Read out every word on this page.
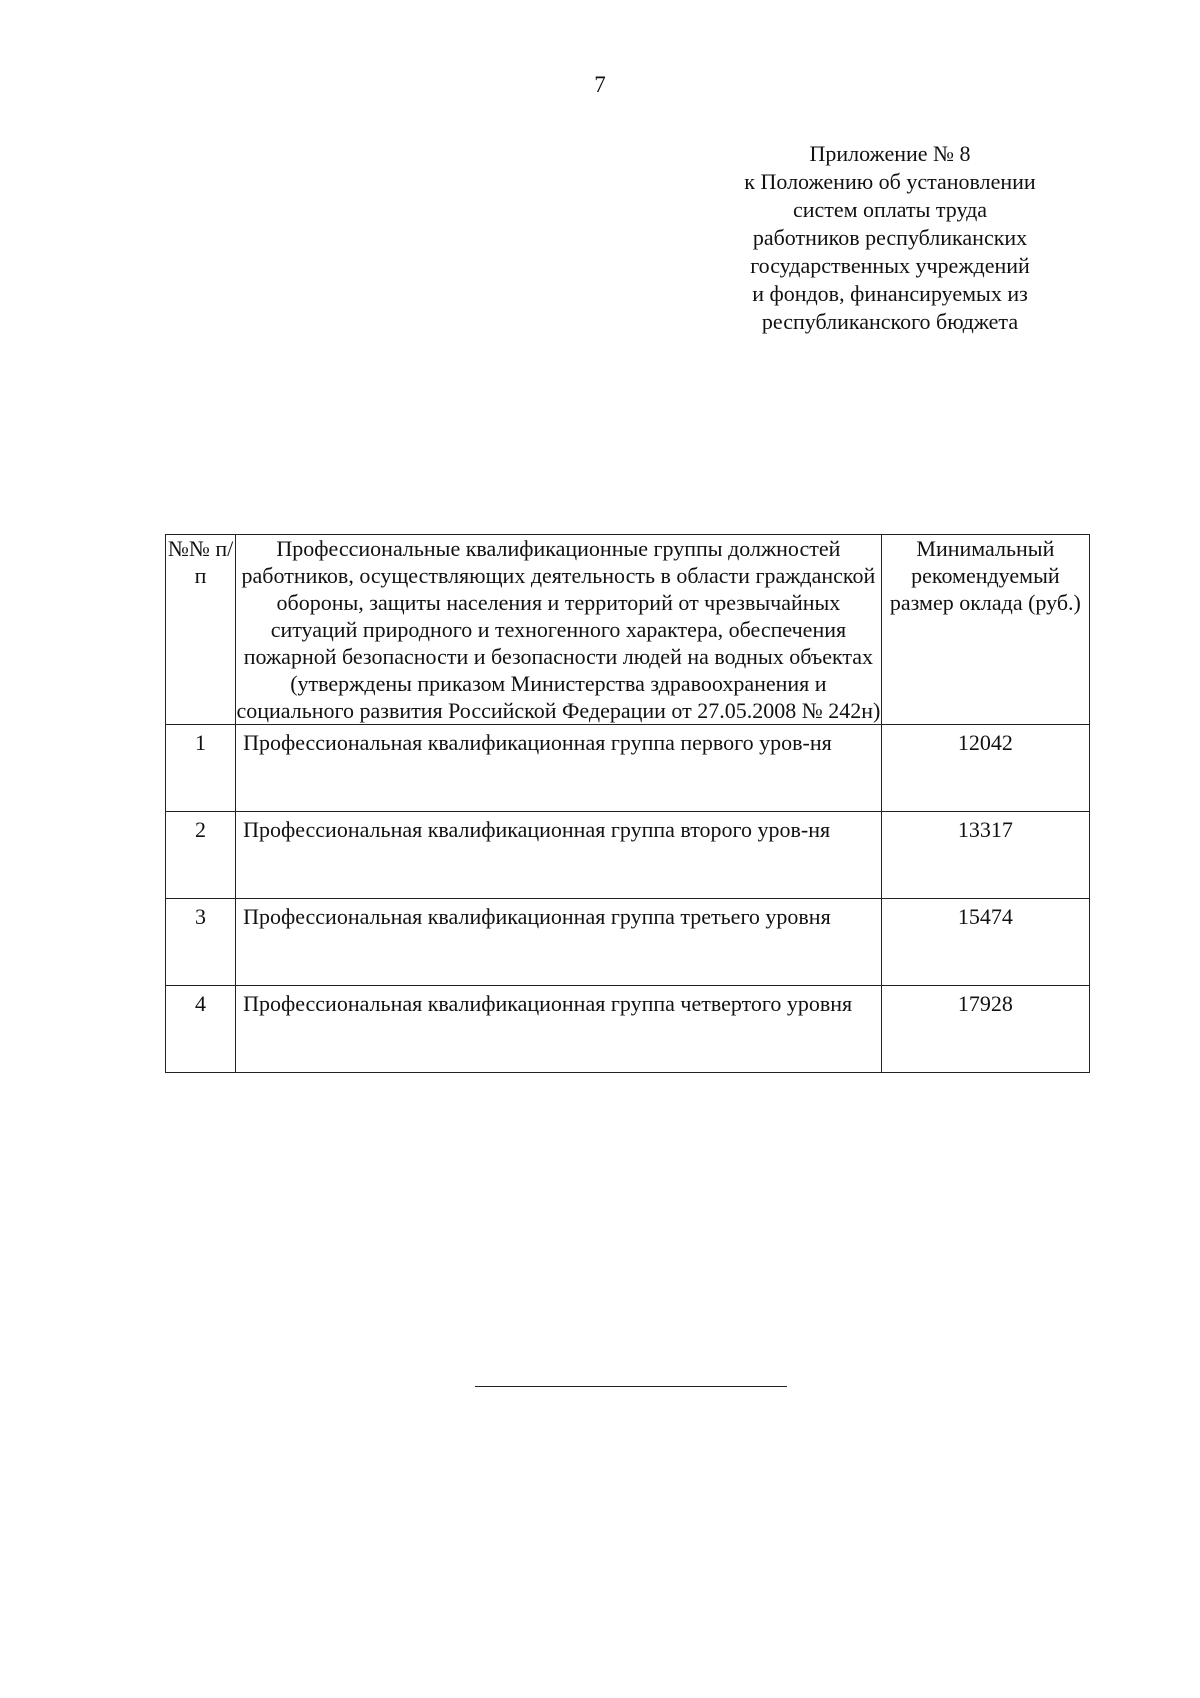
7
Приложение № 8
к Положению об установлении
систем оплаты труда
работников республиканских
государственных учреждений
и фондов, финансируемых из
республиканского бюджета
№№ п/п	Профессиональные квалификационные группы должностей работников, осуществляющих деятельность в области гражданской обороны, защиты населения и территорий от чрезвычайных ситуаций природного и техногенного характера, обеспечения пожарной безопасности и безопасности людей на водных объектах (утверждены приказом Министерства здравоохранения и социального развития Российской Федерации от 27.05.2008 № 242н)	Минимальный рекомендуемый размер оклада (руб.)
1	Профессиональная квалификационная группа первого уров-ня	12042
2	Профессиональная квалификационная группа второго уров-ня	13317
3	Профессиональная квалификационная группа третьего уровня	15474
4	Профессиональная квалификационная группа четвертого уровня	17928
